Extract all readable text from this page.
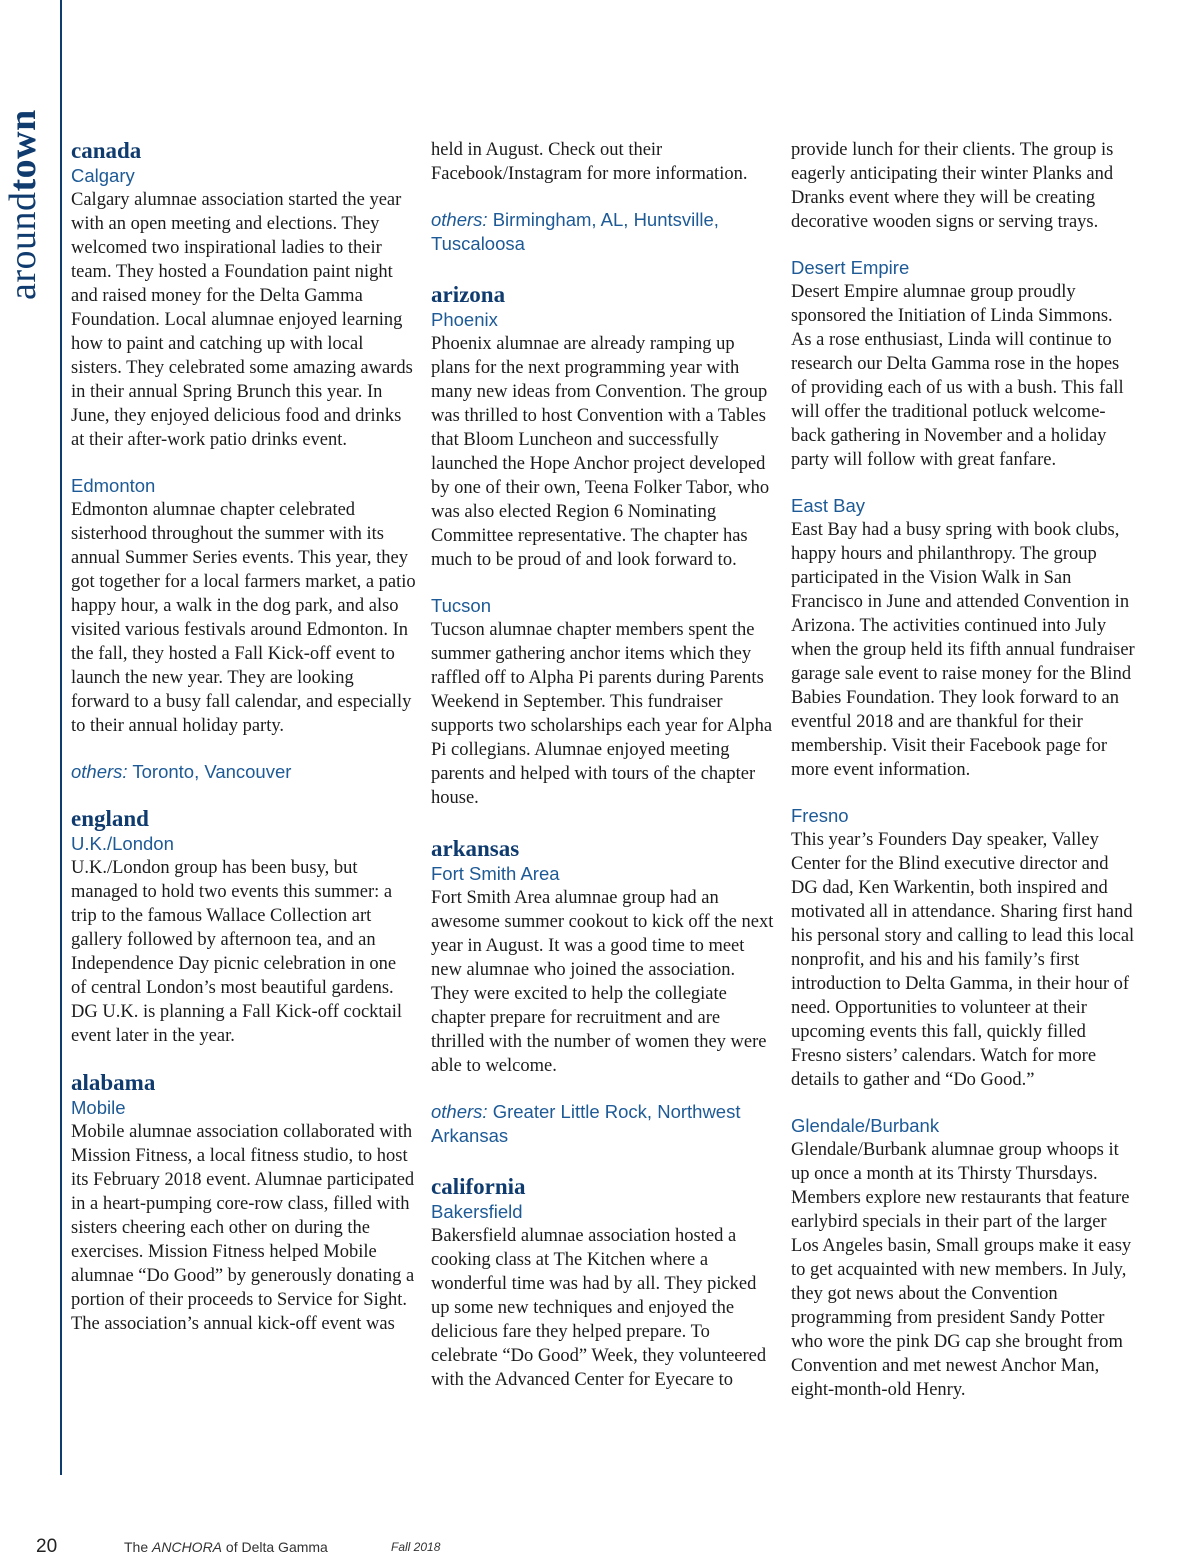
aroundtown canada
Calgary

Calgary alumnae association started the year with an open meeting and elections. They welcomed two inspirational ladies to their team. They hosted a Foundation paint night and raised money for the Delta Gamma Foundation. Local alumnae enjoyed learning how to paint and catching up with local sisters. They celebrated some amazing awards in their annual Spring Brunch this year. In June, they enjoyed delicious food and drinks at their after-work patio drinks event.

Edmonton

Edmonton alumnae chapter celebrated sisterhood throughout the summer with its annual Summer Series events. This year, they got together for a local farmers market, a patio happy hour, a walk in the dog park, and also visited various festivals around Edmonton. In the fall, they hosted a Fall Kick-off event to launch the new year. They are looking forward to a busy fall calendar, and especially to their annual holiday party.

others: Toronto, Vancouver
england
U.K./London

U.K./London group has been busy, but managed to hold two events this summer: a trip to the famous Wallace Collection art gallery followed by afternoon tea, and an Independence Day picnic celebration in one of central London’s most beautiful gardens. DG U.K. is planning a Fall Kick-off cocktail event later in the year.

alabama
Mobile

Mobile alumnae association collaborated with Mission Fitness, a local fitness studio, to host its February 2018 event. Alumnae participated in a heart-pumping core-row class, filled with sisters cheering each other on during the exercises. Mission Fitness helped Mobile alumnae “Do Good” by generously donating a portion of their proceeds to Service for Sight. The association’s annual kick-off event was

held in August. Check out their Facebook/Instagram for more information.

others: Birmingham, AL, Huntsville, Tuscaloosa
arizona
Phoenix

Phoenix alumnae are already ramping up plans for the next programming year with many new ideas from Convention. The group was thrilled to host Convention with a Tables that Bloom Luncheon and successfully launched the Hope Anchor project developed by one of their own, Teena Folker Tabor, who was also elected Region 6 Nominating Committee representative. The chapter has much to be proud of and look forward to.

Tucson

Tucson alumnae chapter members spent the summer gathering anchor items which they raffled off to Alpha Pi parents during Parents Weekend in September. This fundraiser supports two scholarships each year for Alpha Pi collegians. Alumnae enjoyed meeting parents and helped with tours of the chapter house.

arkansas
Fort Smith Area

Fort Smith Area alumnae group had an awesome summer cookout to kick off the next year in August. It was a good time to meet new alumnae who joined the association. They were excited to help the collegiate chapter prepare for recruitment and are thrilled with the number of women they were able to welcome.

others: Greater Little Rock, Northwest Arkansas
california
Bakersfield

Bakersfield alumnae association hosted a cooking class at The Kitchen where a wonderful time was had by all. They picked up some new techniques and enjoyed the delicious fare they helped prepare. To celebrate “Do Good” Week, they volunteered with the Advanced Center for Eyecare to

provide lunch for their clients. The group is eagerly anticipating their winter Planks and Dranks event where they will be creating decorative wooden signs or serving trays.

Desert Empire

Desert Empire alumnae group proudly sponsored the Initiation of Linda Simmons. As a rose enthusiast, Linda will continue to research our Delta Gamma rose in the hopes of providing each of us with a bush. This fall will offer the traditional potluck welcome-back gathering in November and a holiday party will follow with great fanfare.

East Bay

East Bay had a busy spring with book clubs, happy hours and philanthropy. The group participated in the Vision Walk in San Francisco in June and attended Convention in Arizona. The activities continued into July when the group held its fifth annual fundraiser garage sale event to raise money for the Blind Babies Foundation. They look forward to an eventful 2018 and are thankful for their membership. Visit their Facebook page for more event information.

Fresno

This year’s Founders Day speaker, Valley Center for the Blind executive director and DG dad, Ken Warkentin, both inspired and motivated all in attendance. Sharing first hand his personal story and calling to lead this local nonprofit, and his and his family’s first introduction to Delta Gamma, in their hour of need. Opportunities to volunteer at their upcoming events this fall, quickly filled Fresno sisters’ calendars. Watch for more details to gather and “Do Good.”

Glendale/Burbank

Glendale/Burbank alumnae group whoops it up once a month at its Thirsty Thursdays. Members explore new restaurants that feature earlybird specials in their part of the larger Los Angeles basin, Small groups make it easy to get acquainted with new members. In July, they got news about the Convention programming from president Sandy Potter who wore the pink DG cap she brought from Convention and met newest Anchor Man, eight-month-old Henry.

20	The ANCHORA of Delta Gamma	Fall 2018
